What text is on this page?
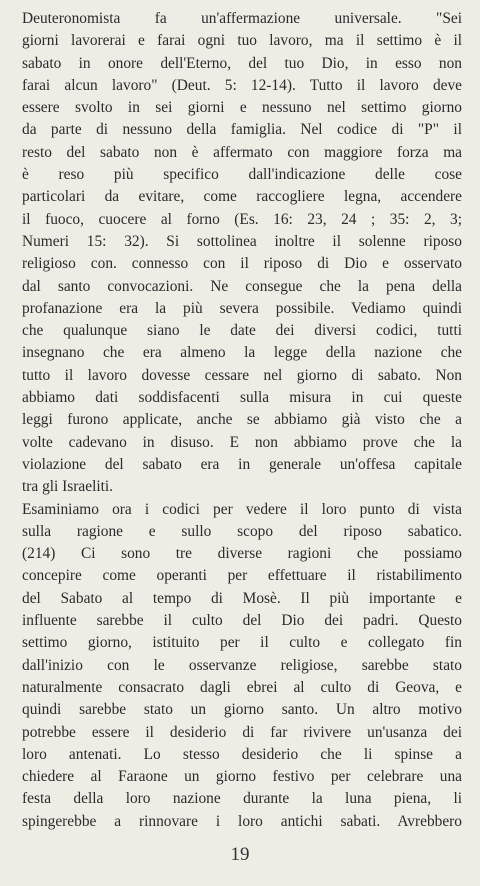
Deuteronomista fa un'affermazione universale. "Sei
giorni lavorerai e farai ogni tuo lavoro, ma il settimo è il
sabato in onore dell'Eterno, del tuo Dio, in esso non
farai alcun lavoro" (Deut. 5: 12-14). Tutto il lavoro deve
essere svolto in sei giorni e nessuno nel settimo giorno
da parte di nessuno della famiglia. Nel codice di "P" il
resto del sabato non è affermato con maggiore forza ma
è reso più specifico dall'indicazione delle cose
particolari da evitare, come raccogliere legna, accendere
il fuoco, cuocere al forno (Es. 16: 23, 24 ; 35: 2, 3;
Numeri 15: 32). Si sottolinea inoltre il solenne riposo
religioso con. connesso con il riposo di Dio e osservato
dal santo convocazioni. Ne consegue che la pena della
profanazione era la più severa possibile. Vediamo quindi
che qualunque siano le date dei diversi codici, tutti
insegnano che era almeno la legge della nazione che
tutto il lavoro dovesse cessare nel giorno di sabato. Non
abbiamo dati soddisfacenti sulla misura in cui queste
leggi furono applicate, anche se abbiamo già visto che a
volte cadevano in disuso. E non abbiamo prove che la
violazione del sabato era in generale un'offesa capitale
tra gli Israeliti.
Esaminiamo ora i codici per vedere il loro punto di vista
sulla ragione e sullo scopo del riposo sabatico.
(214) Ci sono tre diverse ragioni che possiamo
concepire come operanti per effettuare il ristabilimento
del Sabato al tempo di Mosè. Il più importante e
influente sarebbe il culto del Dio dei padri. Questo
settimo giorno, istituito per il culto e collegato fin
dall'inizio con le osservanze religiose, sarebbe stato
naturalmente consacrato dagli ebrei al culto di Geova, e
quindi sarebbe stato un giorno santo. Un altro motivo
potrebbe essere il desiderio di far rivivere un'usanza dei
loro antenati. Lo stesso desiderio che li spinse a
chiedere al Faraone un giorno festivo per celebrare una
festa della loro nazione durante la luna piena, li
spingerebbe a rinnovare i loro antichi sabati. Avrebbero
19
